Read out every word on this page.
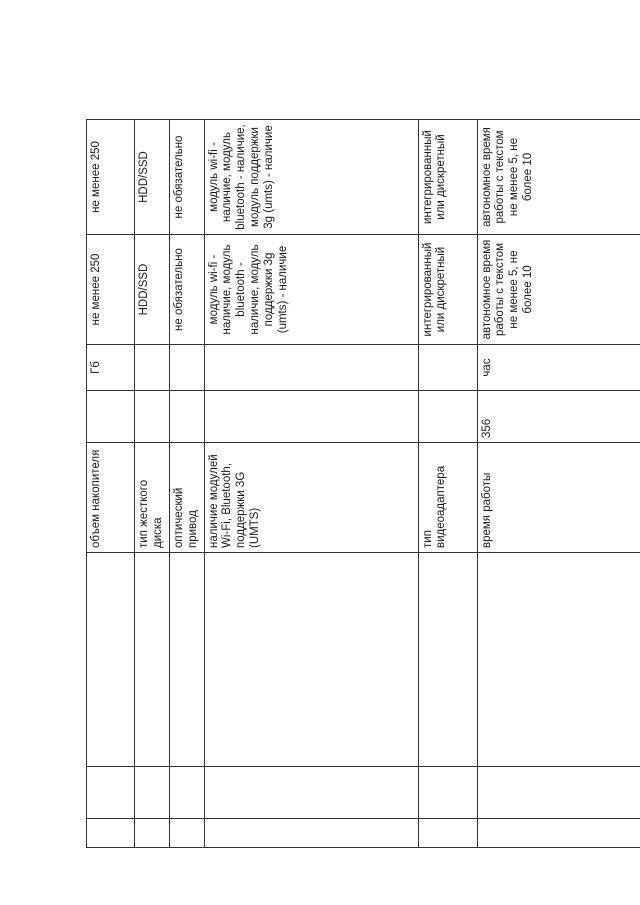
			объем накопителя		Гб	не менее 250	не менее 250	
			тип жесткого диска			HDD/SSD	HDD/SSD	
			оптический привод			не обязательно	не обязательно	
			наличие модулей Wi-Fi, Bluetooth, поддержки 3G (UMTS)			модуль wi-fi - наличие, модуль bluetooth - наличие, модуль поддержки 3g (umts) - наличие	модуль wi-fi - наличие, модуль bluetooth - наличие, модуль поддержки 3g (umts) - наличие	
			тип видеоадаптера			интегрированный или дискретный	интегрированный или дискретный	
			время работы	356	час	автономное время работы с текстом не менее 5, не более 10	автономное время работы с текстом не менее 5, не более 10	
